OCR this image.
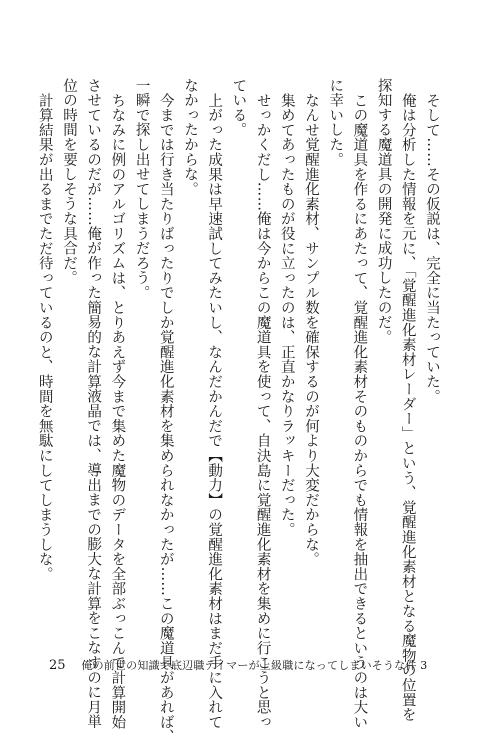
そして……その仮説は、完全に当たっていた。

俺は分析した情報を元に、「覚醒進化素材レーダー」という、覚醒進化素材となる魔物の位置を

探知する魔道具の開発に成功したのだ。

この魔道具を作るにあたって、覚醒進化素材そのものからでも情報を抽出できるというのは大い

に幸いした。

なんせ覚醒進化素材、サンプル数を確保するのが何より大変だからな。

集めてあったものが役に立ったのは、正直かなりラッキーだった。

せっかくだし……俺は今からこの魔道具を使って、自決島に覚醒進化素材を集めに行こうと思っ

ている。

上がった成果は早速試してみたいし、なんだかんだで【動力】の覚醒進化素材はまだ手に入れて

なかったからな。

今までは行き当たりばったりでしか覚醒進化素材を集められなかったが……この魔道具があれば、

一瞬で探し出せてしまうだろう。

ちなみに例のアルゴリズムは、とりあえず今まで集めた魔物のデータを全部ぶっこんで計算開始

させているのだが……俺が作った簡易的な計算液晶では、導出までの膨大な計算をこなすのに月単

位の時間を要しそうな具合だ。

計算結果が出るまでただ待っているのと、時間を無駄にしてしまうしな。

25 俺の前世の知識で底辺職テイマーが上級職になってしまいそうな件 3
